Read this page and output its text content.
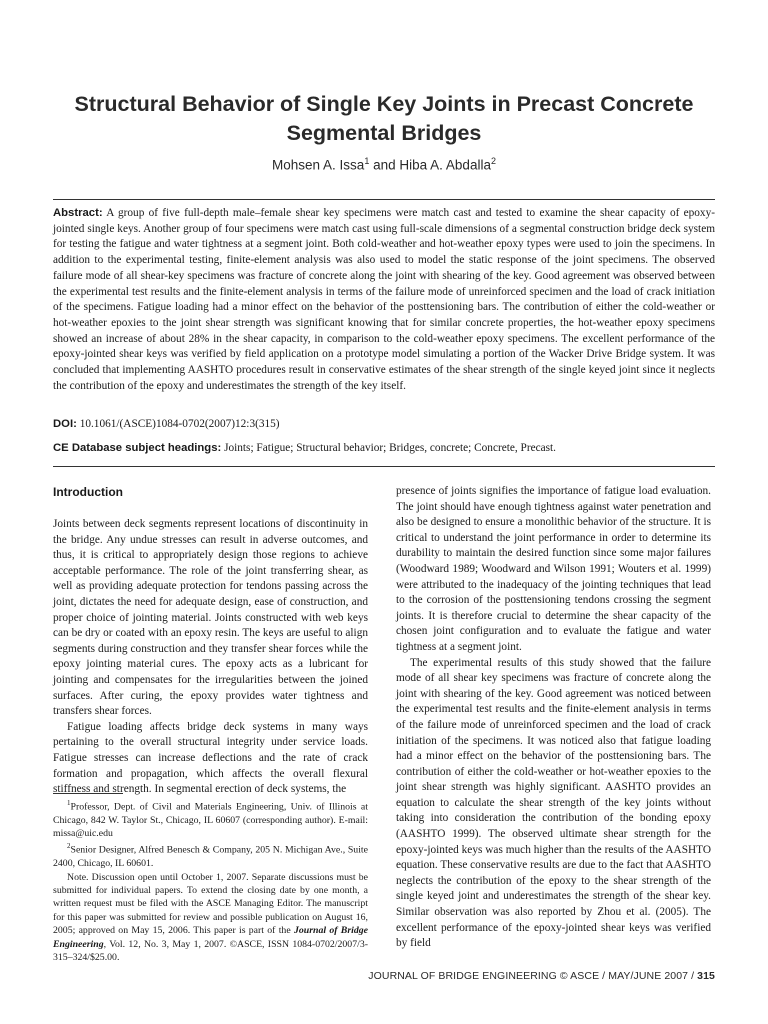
Structural Behavior of Single Key Joints in Precast Concrete Segmental Bridges
Mohsen A. Issa$^1$ and Hiba A. Abdalla$^2$

Abstract: A group of five full-depth male–female shear key specimens were match cast and tested to examine the shear capacity of epoxy-jointed single keys. Another group of four specimens were match cast using full-scale dimensions of a segmental construction bridge deck system for testing the fatigue and water tightness at a segment joint. Both cold-weather and hot-weather epoxy types were used to join the specimens. In addition to the experimental testing, finite-element analysis was also used to model the static response of the joint specimens. The observed failure mode of all shear-key specimens was fracture of concrete along the joint with shearing of the key. Good agreement was observed between the experimental test results and the finite-element analysis in terms of the failure mode of unreinforced specimen and the load of crack initiation of the specimens. Fatigue loading had a minor effect on the behavior of the posttensioning bars. The contribution of either the cold-weather or hot-weather epoxies to the joint shear strength was significant knowing that for similar concrete properties, the hot-weather epoxy specimens showed an increase of about 28% in the shear capacity, in comparison to the cold-weather epoxy specimens. The excellent performance of the epoxy-jointed shear keys was verified by field application on a prototype model simulating a portion of the Wacker Drive Bridge system. It was concluded that implementing AASHTO procedures result in conservative estimates of the shear strength of the single keyed joint since it neglects the contribution of the epoxy and underestimates the strength of the key itself.

DOI: 10.1061/(ASCE)1084-0702(2007)12:3(315)

CE Database subject headings: Joints; Fatigue; Structural behavior; Bridges, concrete; Concrete, Precast.

Introduction

Joints between deck segments represent locations of discontinuity in the bridge. Any undue stresses can result in adverse outcomes, and thus, it is critical to appropriately design those regions to achieve acceptable performance. The role of the joint transferring shear, as well as providing adequate protection for tendons passing across the joint, dictates the need for adequate design, ease of construction, and proper choice of jointing material. Joints constructed with web keys can be dry or coated with an epoxy resin. The keys are useful to align segments during construction and they transfer shear forces while the epoxy jointing material cures. The epoxy acts as a lubricant for jointing and compensates for the irregularities between the joined surfaces. After curing, the epoxy provides water tightness and transfers shear forces.

Fatigue loading affects bridge deck systems in many ways pertaining to the overall structural integrity under service loads. Fatigue stresses can increase deflections and the rate of crack formation and propagation, which affects the overall flexural stiffness and strength. In segmental erection of deck systems, the

$^1$Professor, Dept. of Civil and Materials Engineering, Univ. of Illinois at Chicago, 842 W. Taylor St., Chicago, IL 60607 (corresponding author). E-mail: missa@uic.edu

$^2$Senior Designer, Alfred Benesch & Company, 205 N. Michigan Ave., Suite 2400, Chicago, IL 60601.

Note. Discussion open until October 1, 2007. Separate discussions must be submitted for individual papers. To extend the closing date by one month, a written request must be filed with the ASCE Managing Editor. The manuscript for this paper was submitted for review and possible publication on August 16, 2005; approved on May 15, 2006. This paper is part of the Journal of Bridge Engineering, Vol. 12, No. 3, May 1, 2007. ©ASCE, ISSN 1084-0702/2007/3-315–324/$25.00.

presence of joints signifies the importance of fatigue load evaluation. The joint should have enough tightness against water penetration and also be designed to ensure a monolithic behavior of the structure. It is critical to understand the joint performance in order to determine its durability to maintain the desired function since some major failures (Woodward 1989; Woodward and Wilson 1991; Wouters et al. 1999) were attributed to the inadequacy of the jointing techniques that lead to the corrosion of the posttensioning tendons crossing the segment joints. It is therefore crucial to determine the shear capacity of the chosen joint configuration and to evaluate the fatigue and water tightness at a segment joint.

The experimental results of this study showed that the failure mode of all shear key specimens was fracture of concrete along the joint with shearing of the key. Good agreement was noticed between the experimental test results and the finite-element analysis in terms of the failure mode of unreinforced specimen and the load of crack initiation of the specimens. It was noticed also that fatigue loading had a minor effect on the behavior of the posttensioning bars. The contribution of either the cold-weather or hot-weather epoxies to the joint shear strength was highly significant. AASHTO provides an equation to calculate the shear strength of the key joints without taking into consideration the contribution of the bonding epoxy (AASHTO 1999). The observed ultimate shear strength for the epoxy-jointed keys was much higher than the results of the AASHTO equation. These conservative results are due to the fact that AASHTO neglects the contribution of the epoxy to the shear strength of the single keyed joint and underestimates the strength of the shear key. Similar observation was also reported by Zhou et al. (2005). The excellent performance of the epoxy-jointed shear keys was verified by field

JOURNAL OF BRIDGE ENGINEERING © ASCE / MAY/JUNE 2007 / 315
